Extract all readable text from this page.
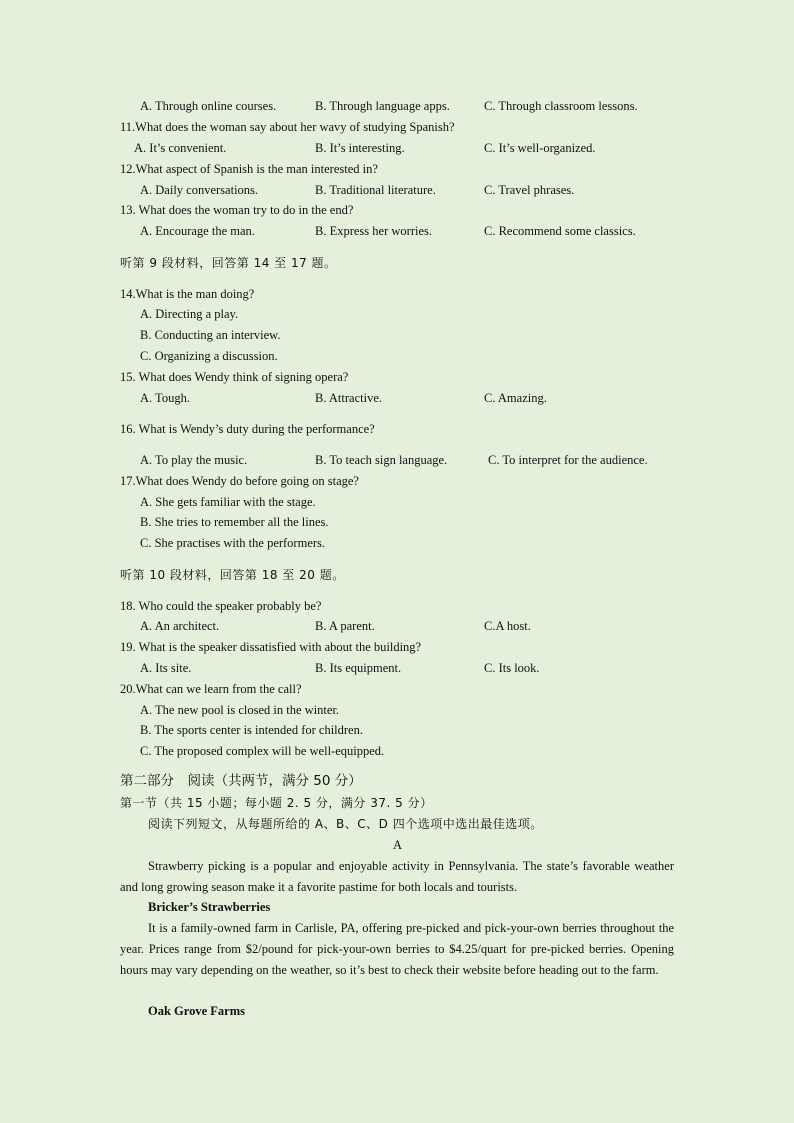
A. Through online courses.	B. Through language apps.	C. Through classroom lessons.
11.What does the woman say about her wavy of studying Spanish?
A. It’s convenient.	B. It’s interesting.	C. It’s well-organized.
12.What aspect of Spanish is the man interested in?
A. Daily conversations.	B. Traditional literature.	C. Travel phrases.
13. What does the woman try to do in the end?
A. Encourage the man.	B. Express her worries.	C. Recommend some classics.
听第 9 段材料，回答第 14 至 17 题。
14.What is the man doing?
A. Directing a play.
B. Conducting an interview.
C. Organizing a discussion.
15. What does Wendy think of signing opera?
A. Tough.	B. Attractive.	C. Amazing.
16. What is Wendy’s duty during the performance?
A. To play the music.	B. To teach sign language.	C. To interpret for the audience.
17.What does Wendy do before going on stage?
A. She gets familiar with the stage.
B. She tries to remember all the lines.
C. She practises with the performers.
听第 10 段材料，回答第 18 至 20 题。
18. Who could the speaker probably be?
A. An architect.	B. A parent.	C.A host.
19. What is the speaker dissatisfied with about the building?
A. Its site.	B. Its equipment.	C. Its look.
20.What can we learn from the call?
A. The new pool is closed in the winter.
B. The sports center is intended for children.
C. The proposed complex will be well-equipped.
第二部分　阅读（共两节，满分 50 分）
第一节（共 15 小题；每小题 2. 5 分，满分 37. 5 分）
阅读下列短文，从每题所给的 A、B、C、D 四个选项中选出最佳选项。
A
Strawberry picking is a popular and enjoyable activity in Pennsylvania. The state’s favorable weather and long growing season make it a favorite pastime for both locals and tourists.
Bricker’s Strawberries
It is a family-owned farm in Carlisle, PA, offering pre-picked and pick-your-own berries throughout the year. Prices range from $2/pound for pick-your-own berries to $4.25/quart for pre-picked berries. Opening hours may vary depending on the weather, so it’s best to check their website before heading out to the farm.
Oak Grove Farms
